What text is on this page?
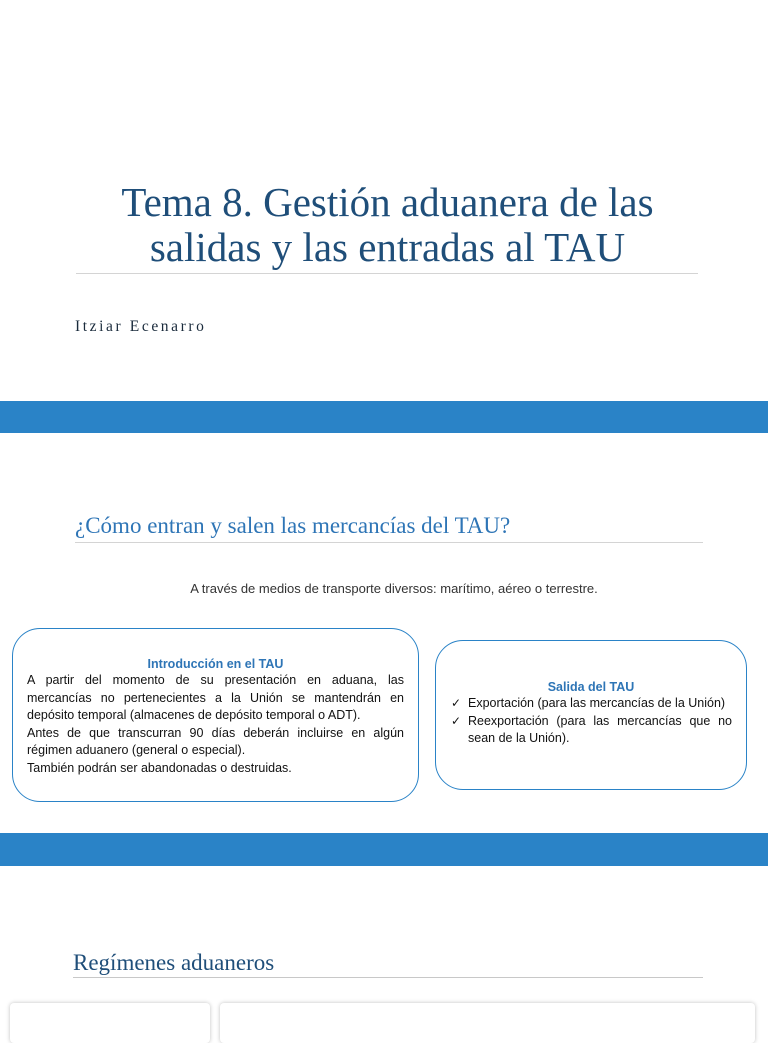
Tema 8. Gestión aduanera de las
salidas y las entradas al TAU
Itziar Ecenarro
¿Cómo entran y salen las mercancías del TAU?
A través de medios de transporte diversos: marítimo, aéreo o terrestre.
Introducción en el TAU

A partir del momento de su presentación en aduana, las mercancías no pertenecientes a la Unión se mantendrán en depósito temporal (almacenes de depósito temporal o ADT).

Antes de que transcurran 90 días deberán incluirse en algún régimen aduanero (general o especial).

También podrán ser abandonadas o destruidas.

Salida del TAU
✓ Exportación (para las mercancías de la Unión)
✓ Reexportación (para las mercancías que no sean de la Unión).
Regímenes aduaneros
